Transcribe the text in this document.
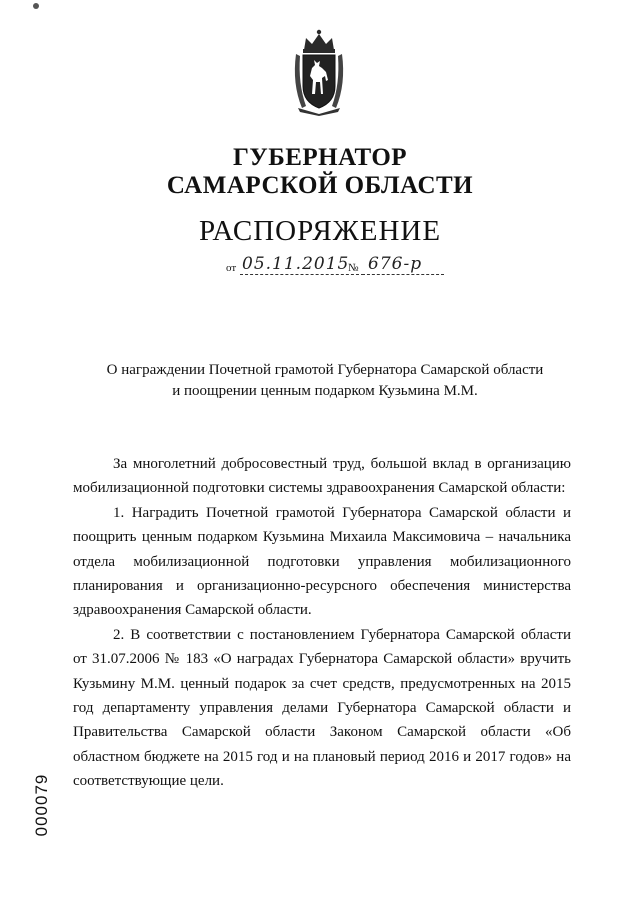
ГУБЕРНАТОР
САМАРСКОЙ ОБЛАСТИ
РАСПОРЯЖЕНИЕ
от 05.11.2015
№ 676-р
О награждении Почетной грамотой Губернатора Самарской области
и поощрении ценным подарком Кузьмина М.М.

За многолетний добросовестный труд, большой вклад в организацию мобилизационной подготовки системы здравоохранения Самарской области:

1. Наградить Почетной грамотой Губернатора Самарской области и поощрить ценным подарком Кузьмина Михаила Максимовича – начальника отдела мобилизационной подготовки управления мобилизационного планирования и организационно-ресурсного обеспечения министерства здравоохранения Самарской области.

2. В соответствии с постановлением Губернатора Самарской области от 31.07.2006 № 183 «О наградах Губернатора Самарской области» вручить Кузьмину М.М. ценный подарок за счет средств, предусмотренных на 2015 год департаменту управления делами Губернатора Самарской области и Правительства Самарской области Законом Самарской области «Об областном бюджете на 2015 год и на плановый период 2016 и 2017 годов» на соответствующие цели.

000079
